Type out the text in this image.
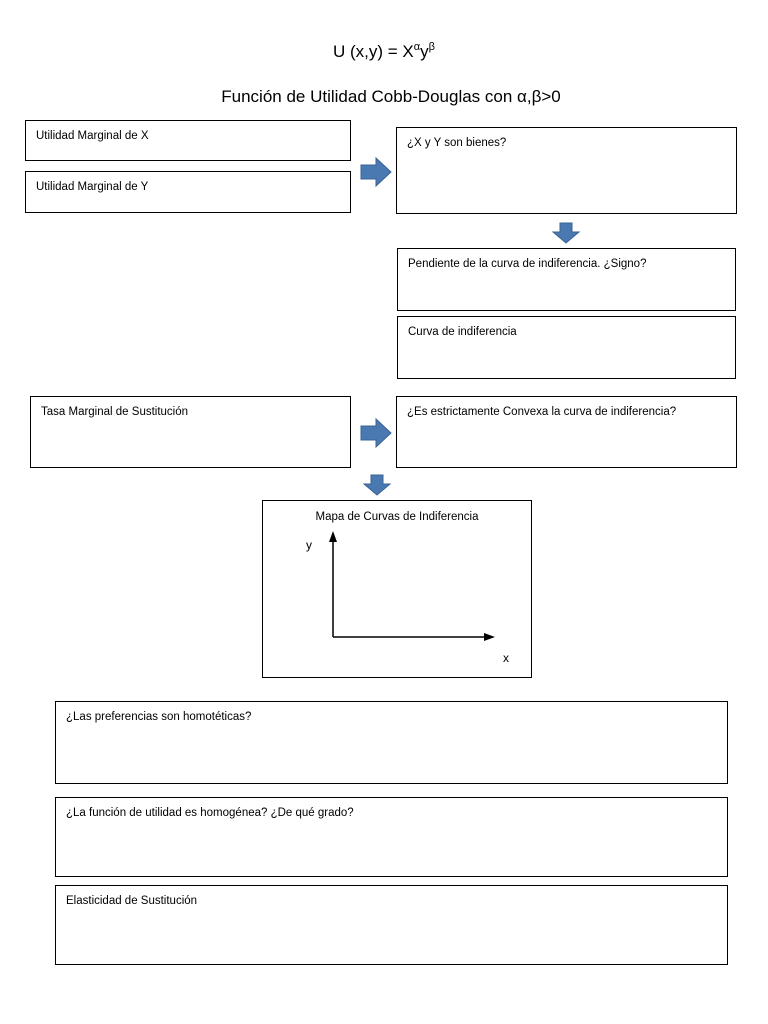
U $(x,y) = X^\alpha y^\beta$
Función de Utilidad Cobb-Douglas con α,β>0
Utilidad Marginal de X
Utilidad Marginal de Y
¿X y Y son bienes?
Pendiente de la curva de indiferencia. ¿Signo?
Curva de indiferencia
Tasa Marginal de Sustitución	¿Es estrictamente Convexa la curva de indiferencia?
Mapa de Curvas de Indiferencia
y
x
¿Las preferencias son homotéticas?
¿La función de utilidad es homogénea? ¿De qué grado?
Elasticidad de Sustitución
